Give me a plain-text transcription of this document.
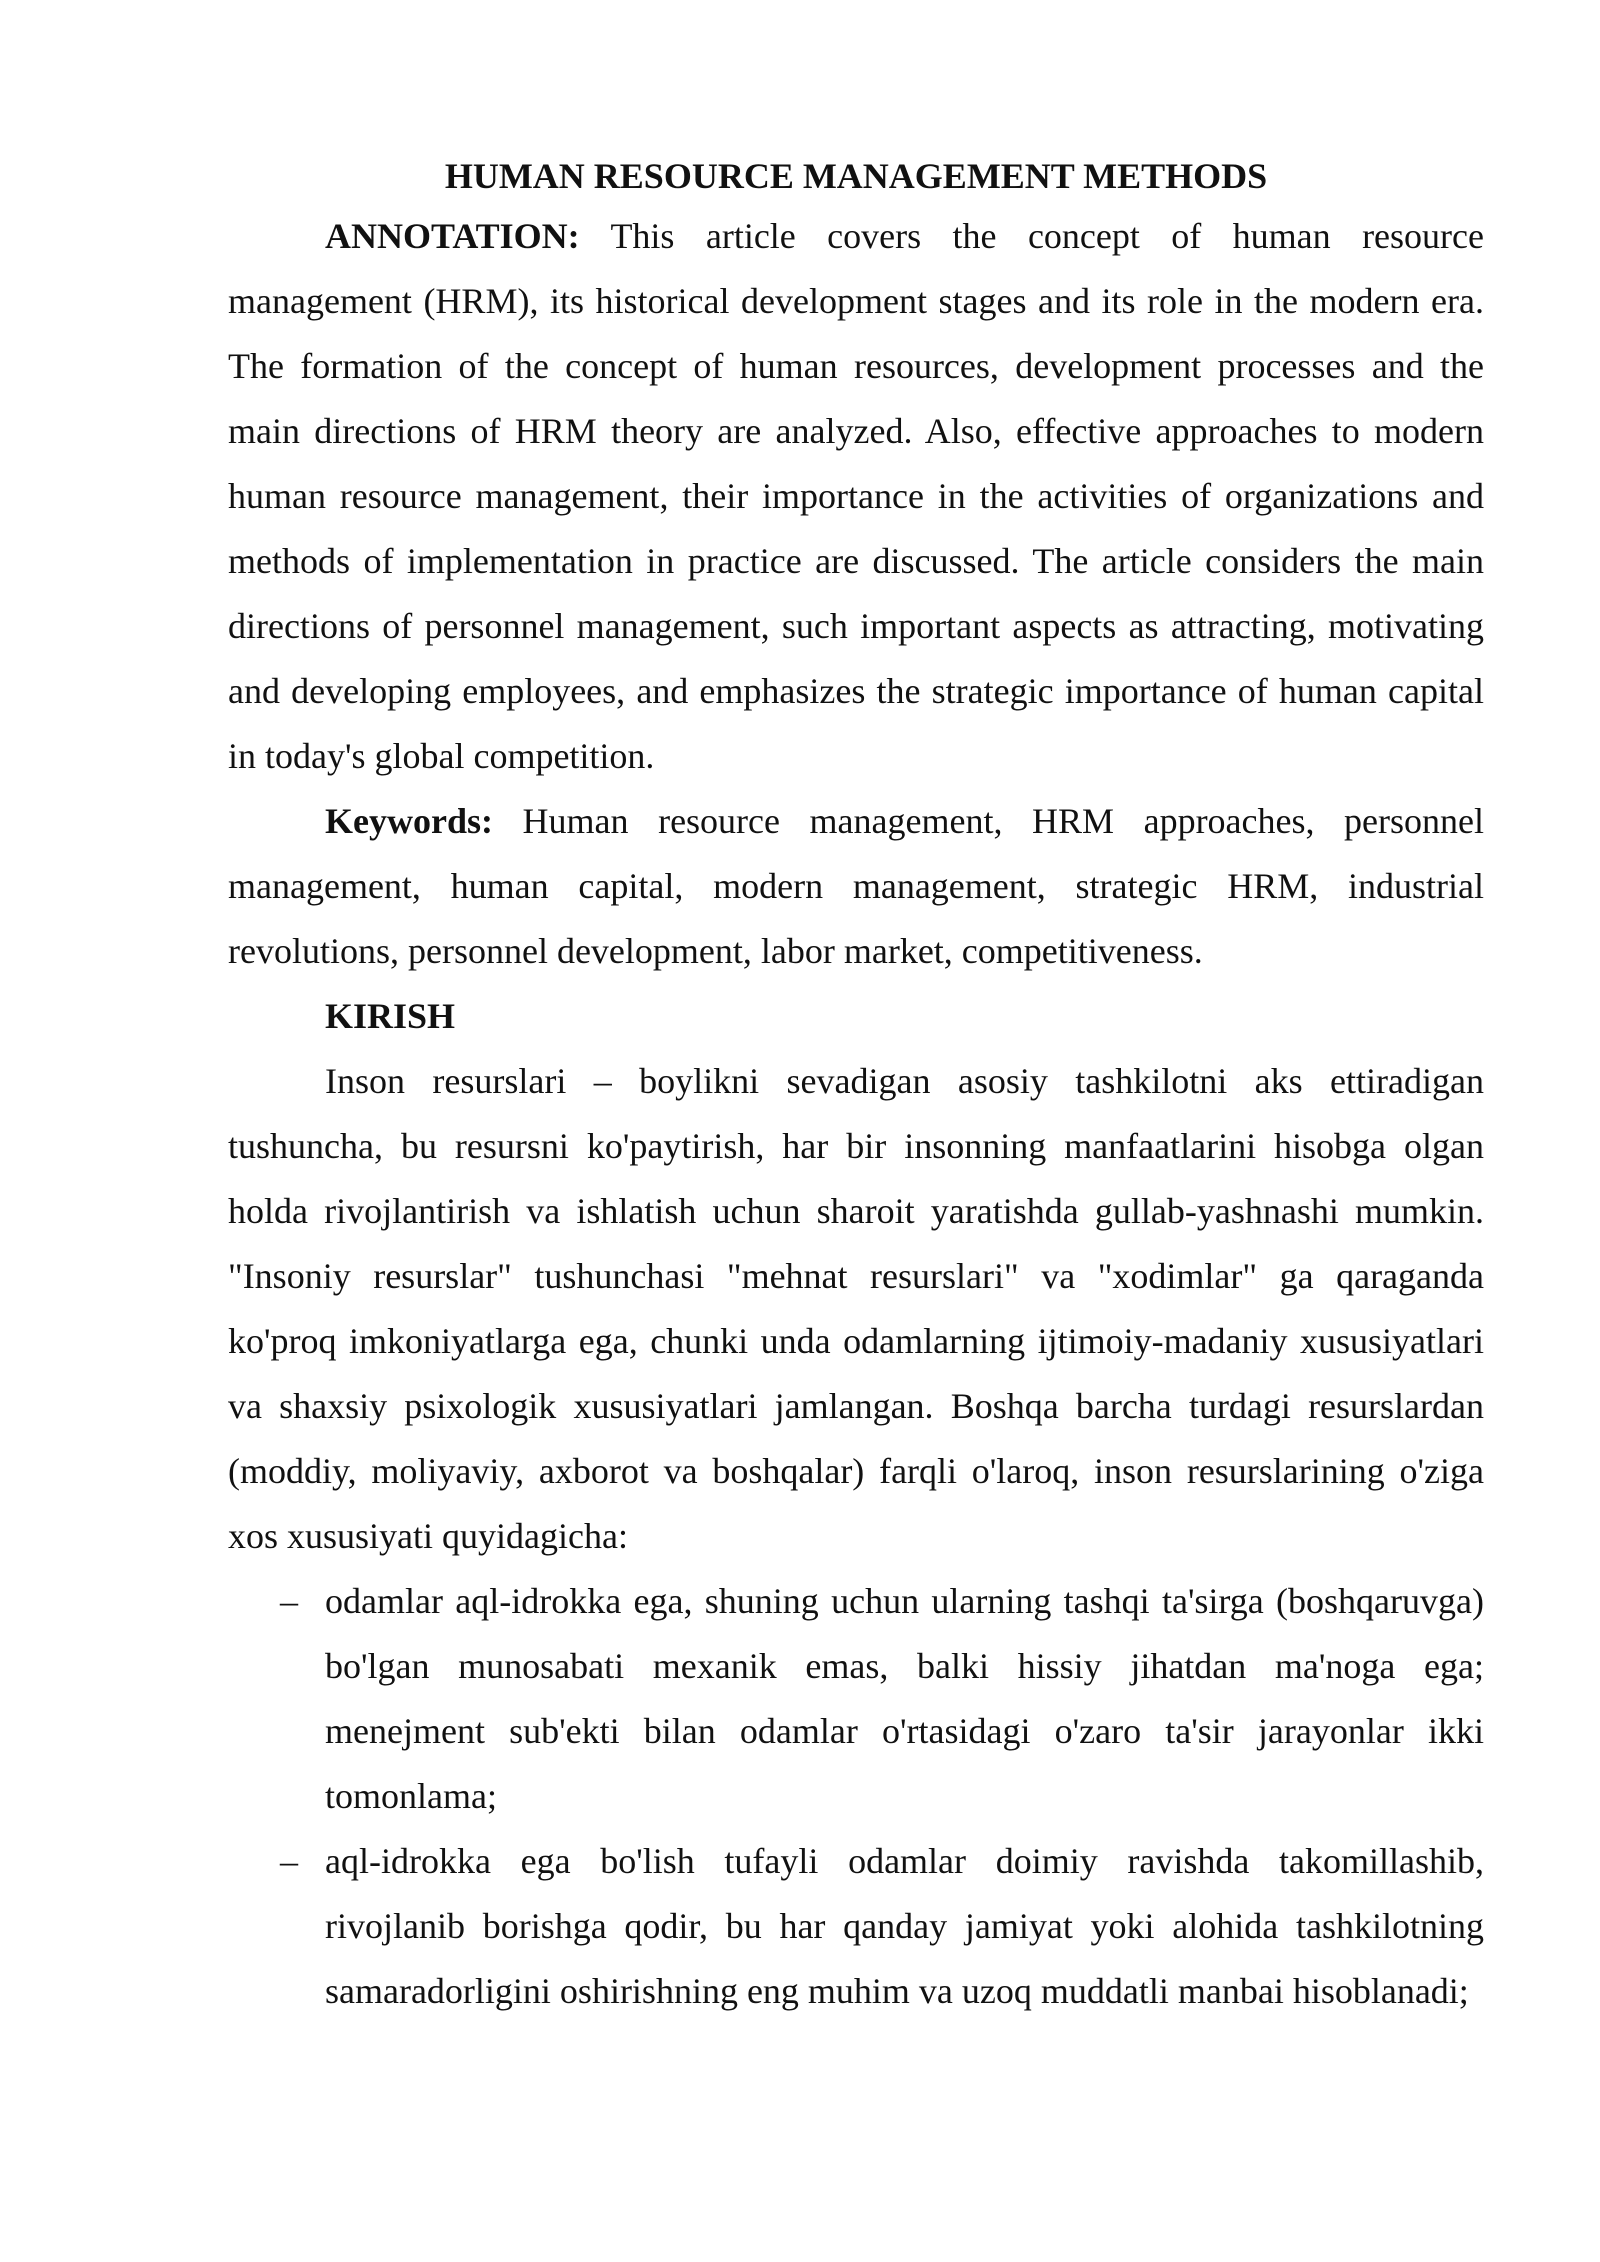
HUMAN RESOURCE MANAGEMENT METHODS

ANNOTATION: This article covers the concept of human resource management (HRM), its historical development stages and its role in the modern era. The formation of the concept of human resources, development processes and the main directions of HRM theory are analyzed. Also, effective approaches to modern human resource management, their importance in the activities of organizations and methods of implementation in practice are discussed. The article considers the main directions of personnel management, such important aspects as attracting, motivating and developing employees, and emphasizes the strategic importance of human capital in today's global competition.

Keywords: Human resource management, HRM approaches, personnel management, human capital, modern management, strategic HRM, industrial revolutions, personnel development, labor market, competitiveness.

KIRISH

Inson resurslari – boylikni sevadigan asosiy tashkilotni aks ettiradigan tushuncha, bu resursni ko'paytirish, har bir insonning manfaatlarini hisobga olgan holda rivojlantirish va ishlatish uchun sharoit yaratishda gullab-yashnashi mumkin. "Insoniy resurslar" tushunchasi "mehnat resurslari" va "xodimlar" ga qaraganda ko'proq imkoniyatlarga ega, chunki unda odamlarning ijtimoiy-madaniy xususiyatlari va shaxsiy psixologik xususiyatlari jamlangan. Boshqa barcha turdagi resurslardan (moddiy, moliyaviy, axborot va boshqalar) farqli o'laroq, inson resurslarining o'ziga xos xususiyati quyidagicha:

– odamlar aql-idrokka ega, shuning uchun ularning tashqi ta'sirga (boshqaruvga) bo'lgan munosabati mexanik emas, balki hissiy jihatdan ma'noga ega; menejment sub'ekti bilan odamlar o'rtasidagi o'zaro ta'sir jarayonlar ikki tomonlama;
– aql-idrokka ega bo'lish tufayli odamlar doimiy ravishda takomillashib, rivojlanib borishga qodir, bu har qanday jamiyat yoki alohida tashkilotning samaradorligini oshirishning eng muhim va uzoq muddatli manbai hisoblanadi;
